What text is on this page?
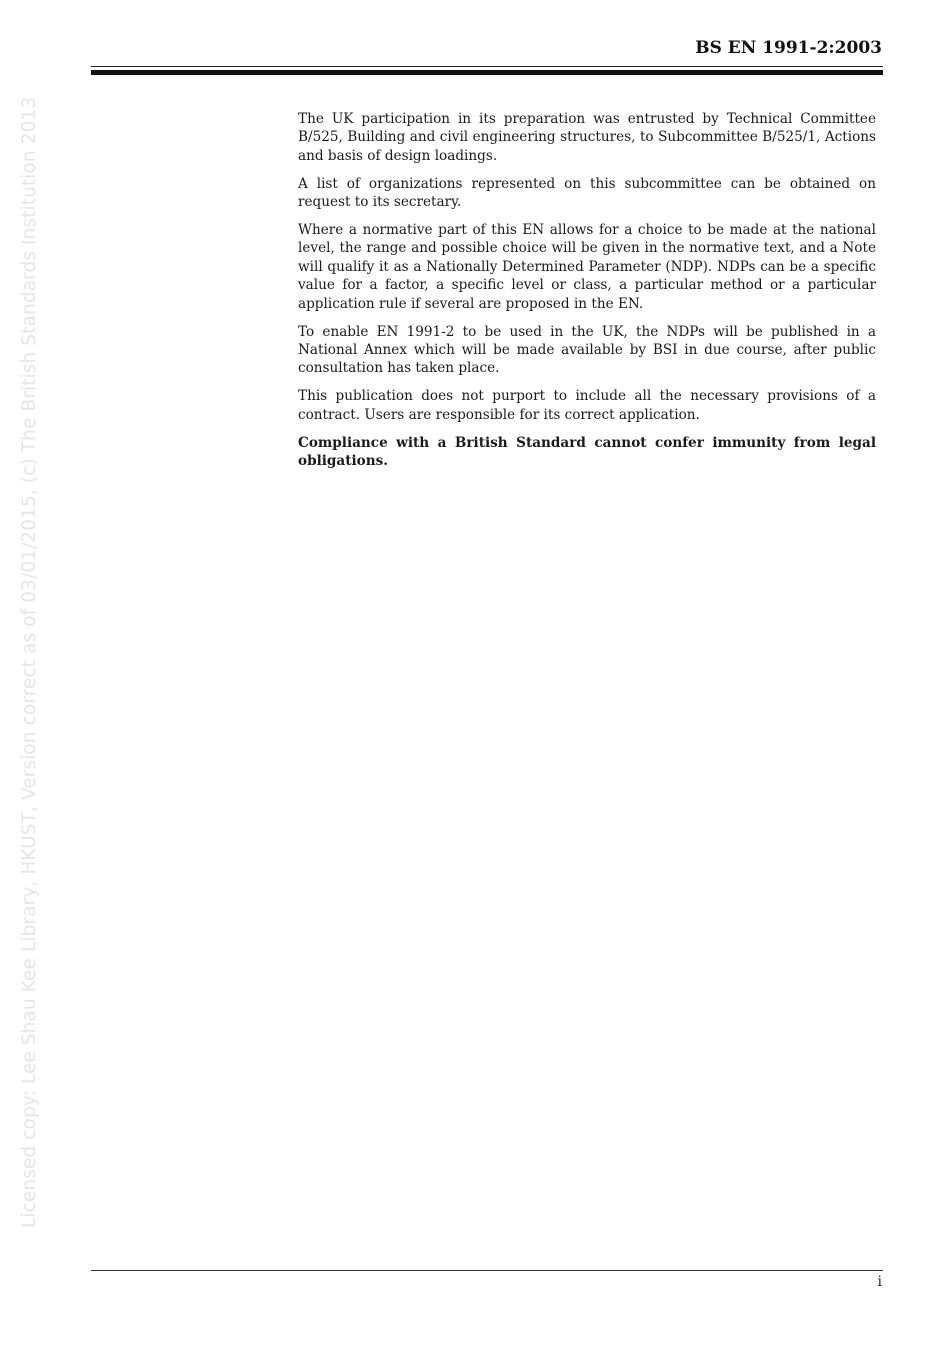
BS EN 1991-2:2003

The UK participation in its preparation was entrusted by Technical Committee B/525, Building and civil engineering structures, to Subcommittee B/525/1, Actions and basis of design loadings.

A list of organizations represented on this subcommittee can be obtained on request to its secretary.

Where a normative part of this EN allows for a choice to be made at the national level, the range and possible choice will be given in the normative text, and a Note will qualify it as a Nationally Determined Parameter (NDP). NDPs can be a specific value for a factor, a specific level or class, a particular method or a particular application rule if several are proposed in the EN.

To enable EN 1991-2 to be used in the UK, the NDPs will be published in a National Annex which will be made available by BSI in due course, after public consultation has taken place.

This publication does not purport to include all the necessary provisions of a contract. Users are responsible for its correct application.

Compliance with a British Standard cannot confer immunity from legal obligations.

Licensed copy: Lee Shau Kee Library, HKUST, Version correct as of 03/01/2015, (c) The British Standards Institution 2013
i
